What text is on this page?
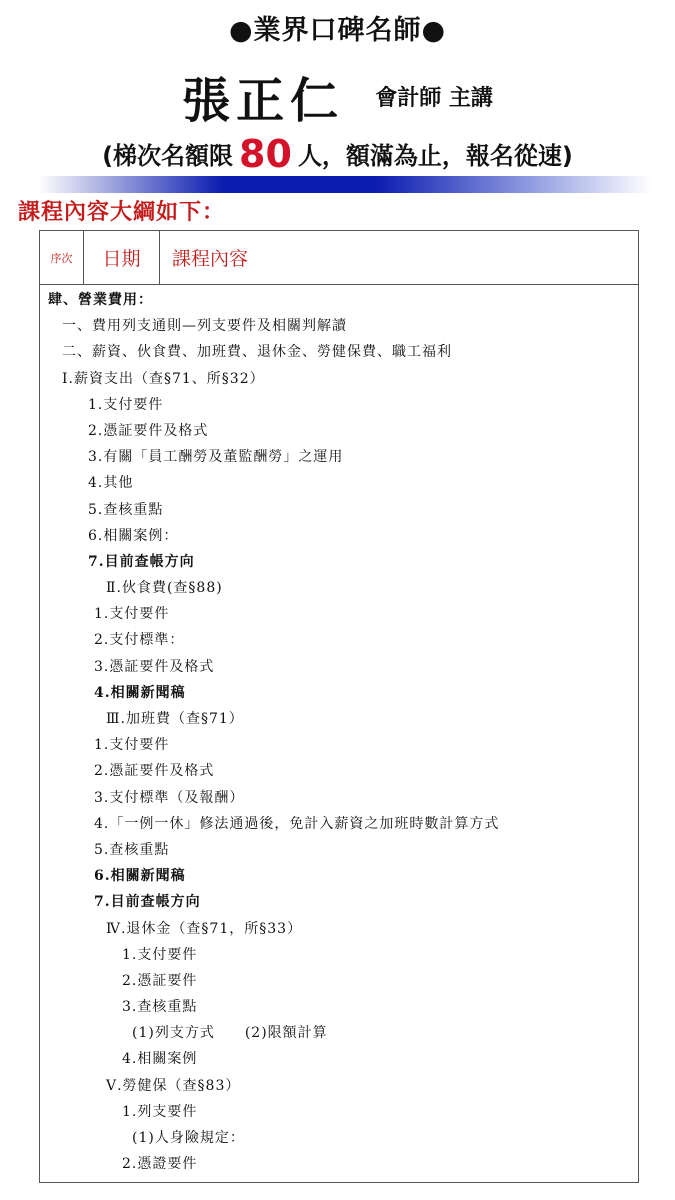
●業界口碑名師●
張正仁 會計師 主講
(梯次名額限 80 人，額滿為止，報名從速)
課程內容大綱如下：
序次	日期	課程內容
肆、營業費用：
一、費用列支通則—列支要件及相關判解讀
二、薪資、伙食費、加班費、退休金、勞健保費、職工福利
Ⅰ.薪資支出（查§71、所§32）
1.支付要件
2.憑証要件及格式
3.有關「員工酬勞及董監酬勞」之運用
4.其他
5.查核重點
6.相關案例：
7.目前查帳方向
Ⅱ.伙食費(查§88)
1.支付要件
2.支付標準：
3.憑証要件及格式
4.相關新聞稿
Ⅲ.加班費（查§71）
1.支付要件
2.憑証要件及格式
3.支付標準（及報酬）
4.「一例一休」修法通過後，免計入薪資之加班時數計算方式
5.查核重點
6.相關新聞稿
7.目前查帳方向
Ⅳ.退休金（查§71，所§33）
1.支付要件
2.憑証要件
3.查核重點
(1)列支方式　　(2)限額計算
4.相關案例
Ⅴ.勞健保（查§83）
1.列支要件
(1)人身險規定：
2.憑證要件
